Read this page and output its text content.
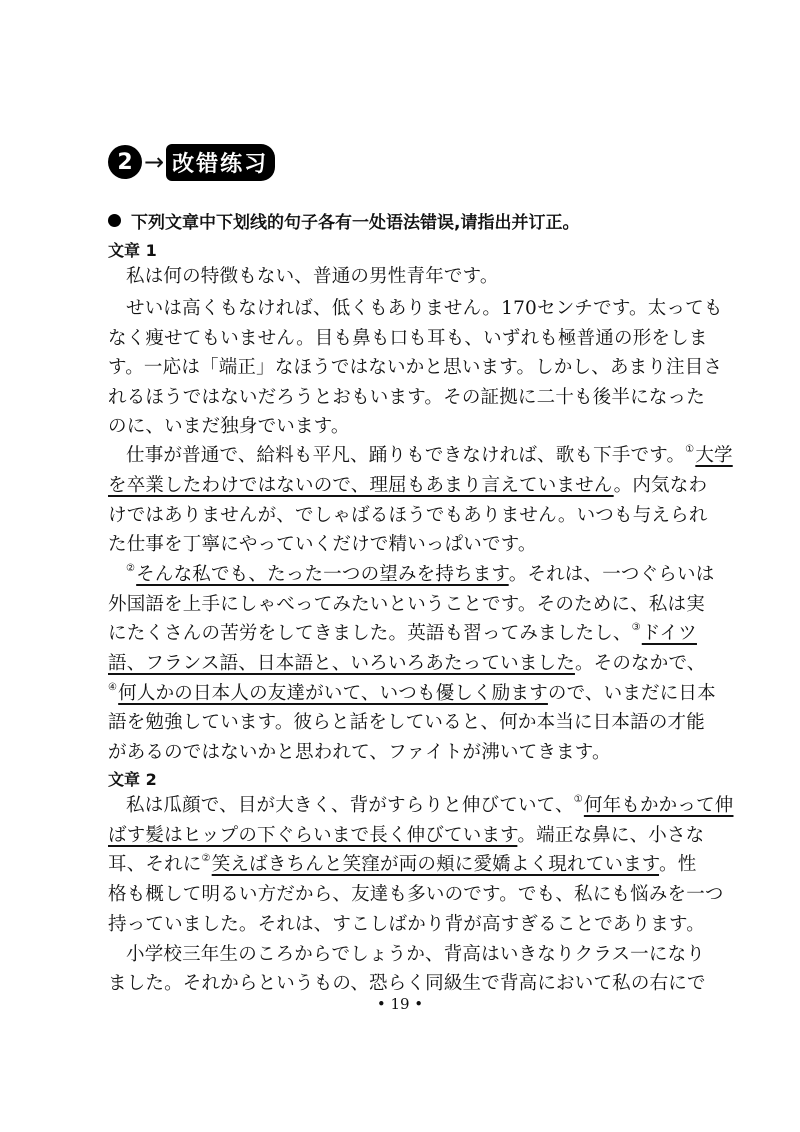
2 → 改 错 练 习
下列文章中下划线的句子各有一处语法错误,请指出并订正。
文章 1
私は何の特徴もない、普通の男性青年です。
せいは高くもなければ、低くもありません。170センチです。太っても
なく痩せてもいません。目も鼻も口も耳も、いずれも極普通の形をしま
す。一応は「端正」なほうではないかと思います。しかし、あまり注目さ
れるほうではないだろうとおもいます。その証拠に二十も後半になった
のに、いまだ独身でいます。
仕事が普通で、給料も平凡、踊りもできなければ、歌も下手です。①大学
を卒業したわけではないので、理屈もあまり言えていません。内気なわ
けではありませんが、でしゃばるほうでもありません。いつも与えられ
た仕事を丁寧にやっていくだけで精いっぱいです。
②そんな私でも、たった一つの望みを持ちます。それは、一つぐらいは
外国語を上手にしゃべってみたいということです。そのために、私は実
にたくさんの苦労をしてきました。英語も習ってみましたし、③ドイツ
語、フランス語、日本語と、いろいろあたっていました。そのなかで、
④何人かの日本人の友達がいて、いつも優しく励ますので、いまだに日本
語を勉強しています。彼らと話をしていると、何か本当に日本語の才能
があるのではないかと思われて、ファイトが沸いてきます。
文章 2
私は瓜顔で、目が大きく、背がすらりと伸びていて、①何年もかかって伸
ばす髪はヒップの下ぐらいまで長く伸びています。端正な鼻に、小さな
耳、それに②笑えばきちんと笑窪が両の頬に愛嬌よく現れています。性
格も概して明るい方だから、友達も多いのです。でも、私にも悩みを一つ
持っていました。それは、すこしばかり背が高すぎることであります。
小学校三年生のころからでしょうか、背高はいきなりクラス一になり
ました。それからというもの、恐らく同級生で背高において私の右にで
• 19 •
